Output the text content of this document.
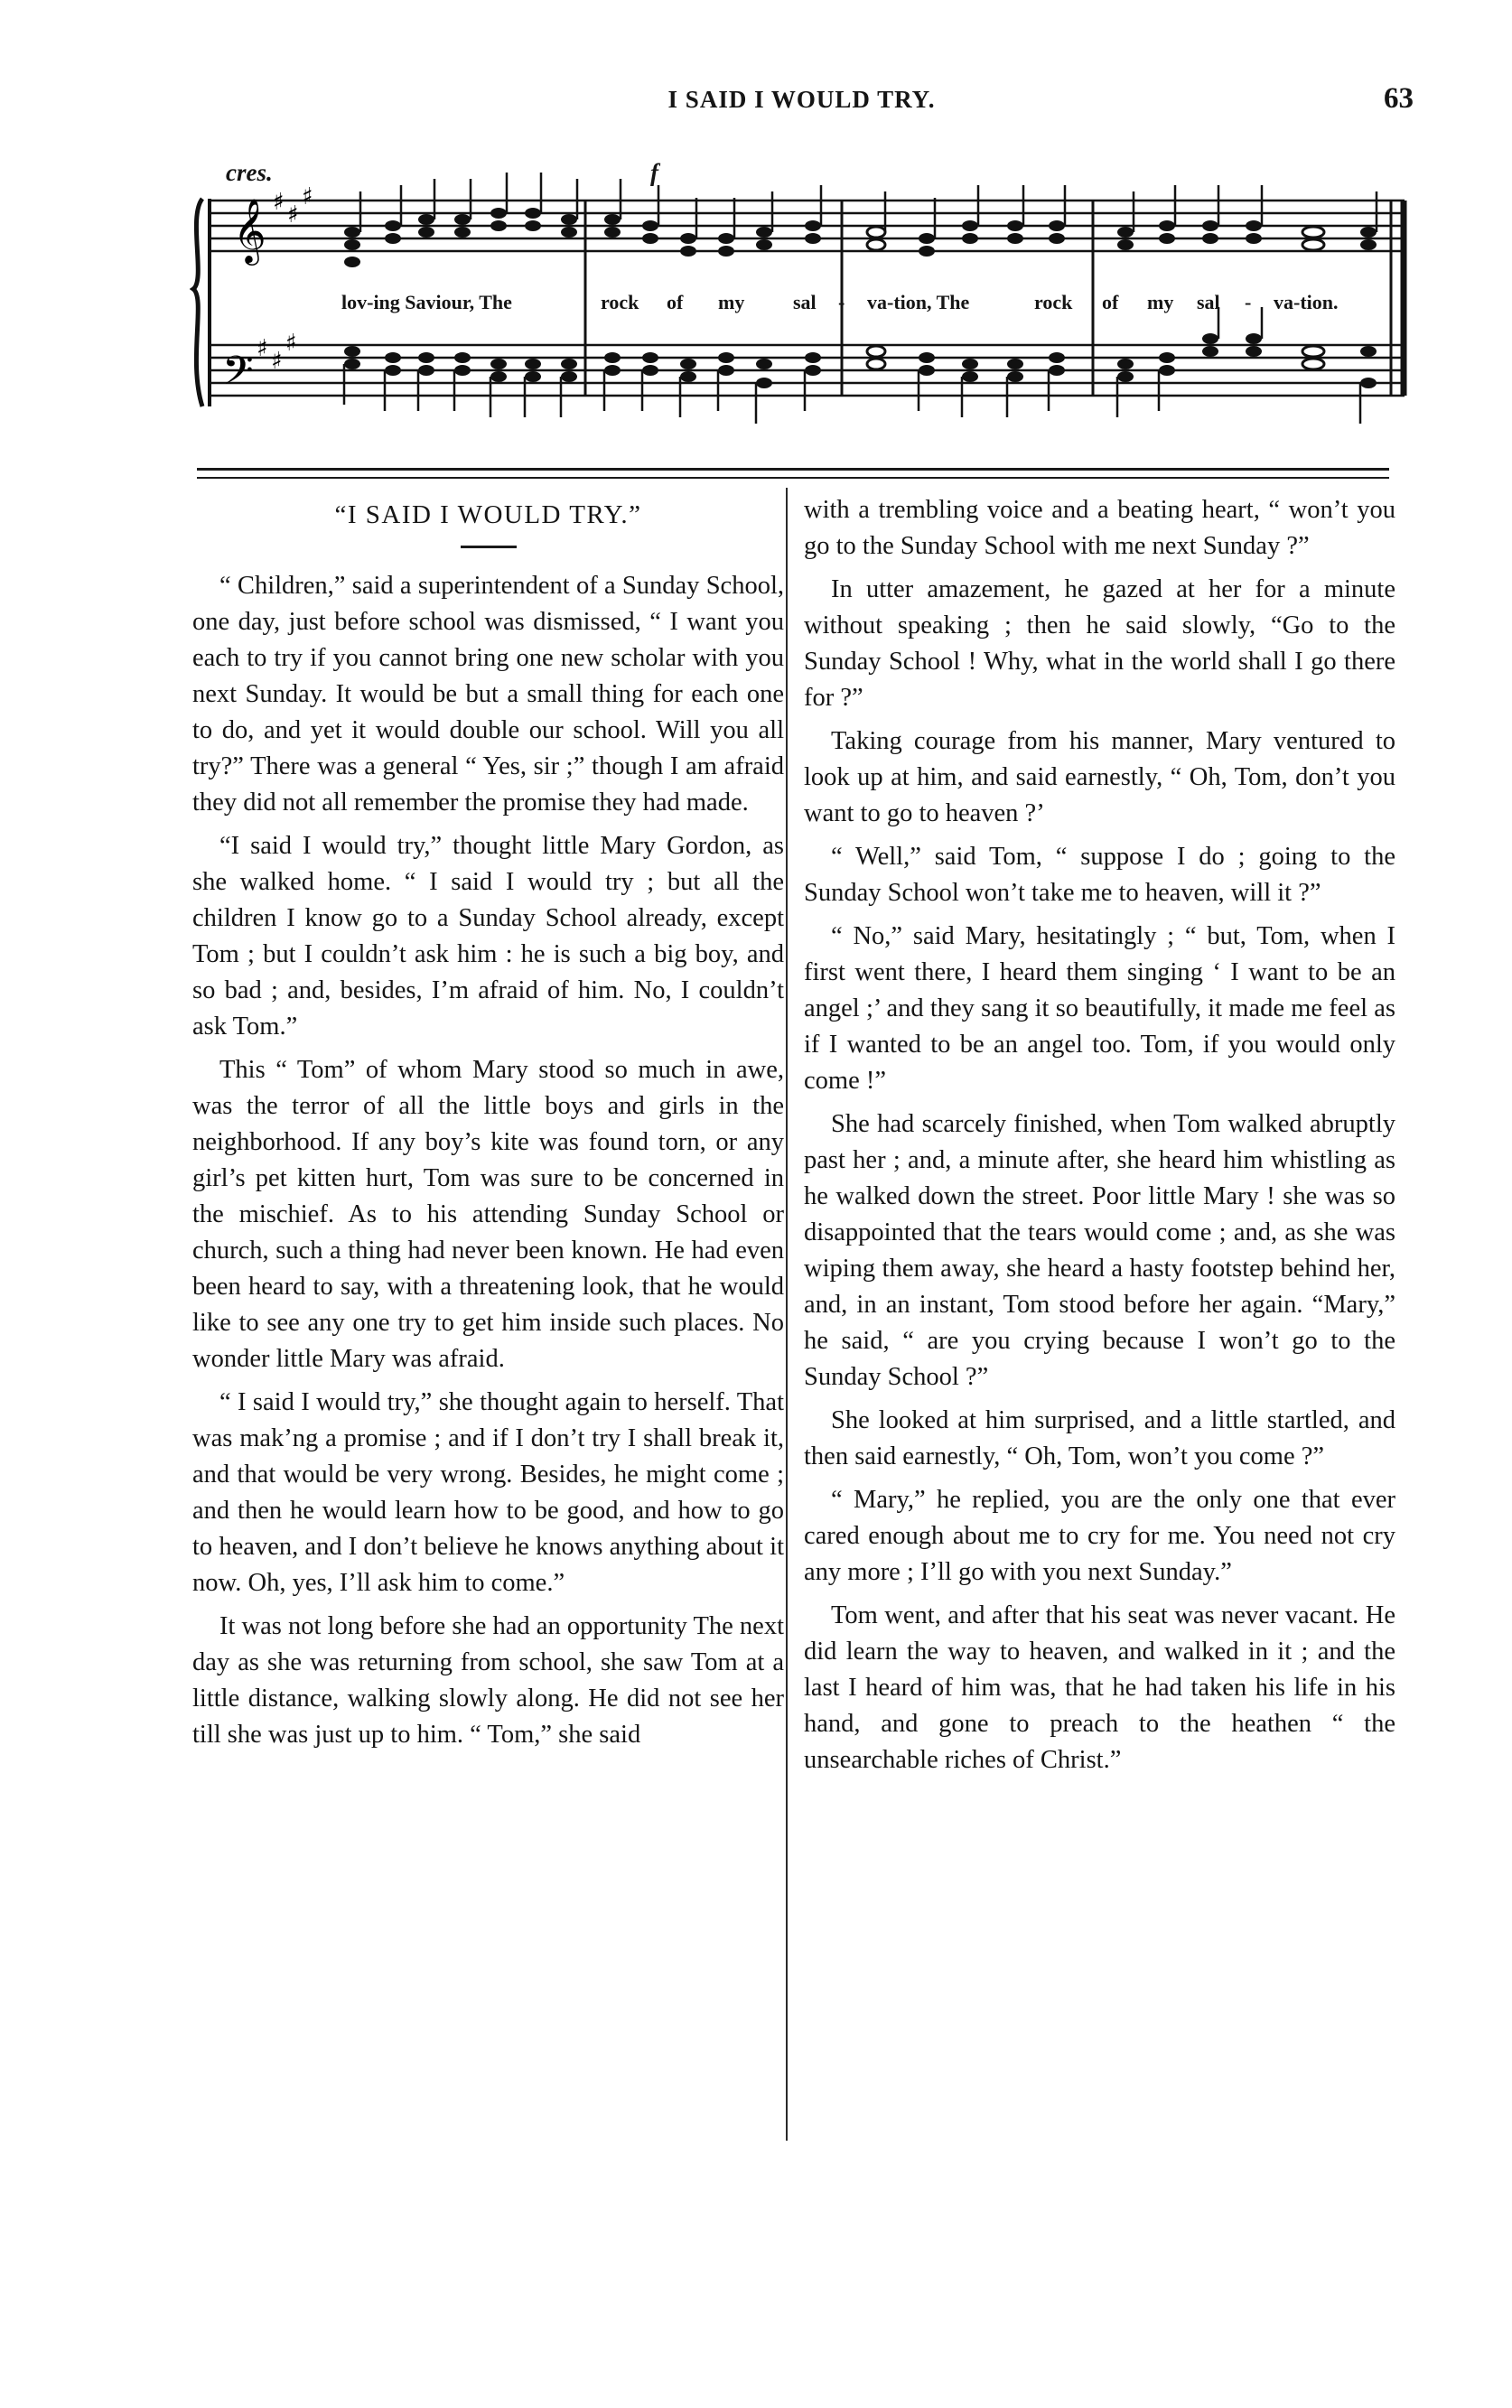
I SAID I WOULD TRY.	63
𝄞
𝄢
♯ ♯
♯
♯ ♯
♯
cres.	f
lov-ing Saviour, The	rock of my sal - va-tion, The	rock of my sal - va-tion.
“I SAID I WOULD TRY.”

“ Children,” said a superintendent of a Sunday School, one day, just before school was dismissed, “ I want you each to try if you cannot bring one new scholar with you next Sunday. It would be but a small thing for each one to do, and yet it would double our school. Will you all try?” There was a general “ Yes, sir ;” though I am afraid they did not all remember the promise they had made.

“I said I would try,” thought little Mary Gordon, as she walked home. “ I said I would try ; but all the children I know go to a Sunday School already, except Tom ; but I couldn’t ask him : he is such a big boy, and so bad ; and, besides, I’m afraid of him. No, I couldn’t ask Tom.”

This “ Tom” of whom Mary stood so much in awe, was the terror of all the little boys and girls in the neighborhood. If any boy’s kite was found torn, or any girl’s pet kitten hurt, Tom was sure to be concerned in the mischief. As to his attending Sunday School or church, such a thing had never been known. He had even been heard to say, with a threatening look, that he would like to see any one try to get him inside such places. No wonder little Mary was afraid.

“ I said I would try,” she thought again to herself. That was mak’ng a promise ; and if I don’t try I shall break it, and that would be very wrong. Besides, he might come ; and then he would learn how to be good, and how to go to heaven, and I don’t believe he knows anything about it now. Oh, yes, I’ll ask him to come.”

It was not long before she had an opportunity The next day as she was returning from school, she saw Tom at a little distance, walking slowly along. He did not see her till she was just up to him. “ Tom,” she said

with a trembling voice and a beating heart, “ won’t you go to the Sunday School with me next Sunday ?”

In utter amazement, he gazed at her for a minute without speaking ; then he said slowly, “Go to the Sunday School ! Why, what in the world shall I go there for ?”

Taking courage from his manner, Mary ventured to look up at him, and said earnestly, “ Oh, Tom, don’t you want to go to heaven ?’

“ Well,” said Tom, “ suppose I do ; going to the Sunday School won’t take me to heaven, will it ?”

“ No,” said Mary, hesitatingly ; “ but, Tom, when I first went there, I heard them singing ‘ I want to be an angel ;’ and they sang it so beautifully, it made me feel as if I wanted to be an angel too. Tom, if you would only come !”

She had scarcely finished, when Tom walked abruptly past her ; and, a minute after, she heard him whistling as he walked down the street. Poor little Mary ! she was so disappointed that the tears would come ; and, as she was wiping them away, she heard a hasty footstep behind her, and, in an instant, Tom stood before her again. “Mary,” he said, “ are you crying because I won’t go to the Sunday School ?”

She looked at him surprised, and a little startled, and then said earnestly, “ Oh, Tom, won’t you come ?”

“ Mary,” he replied, you are the only one that ever cared enough about me to cry for me. You need not cry any more ; I’ll go with you next Sunday.”

Tom went, and after that his seat was never vacant. He did learn the way to heaven, and walked in it ; and the last I heard of him was, that he had taken his life in his hand, and gone to preach to the heathen “ the unsearchable riches of Christ.”
